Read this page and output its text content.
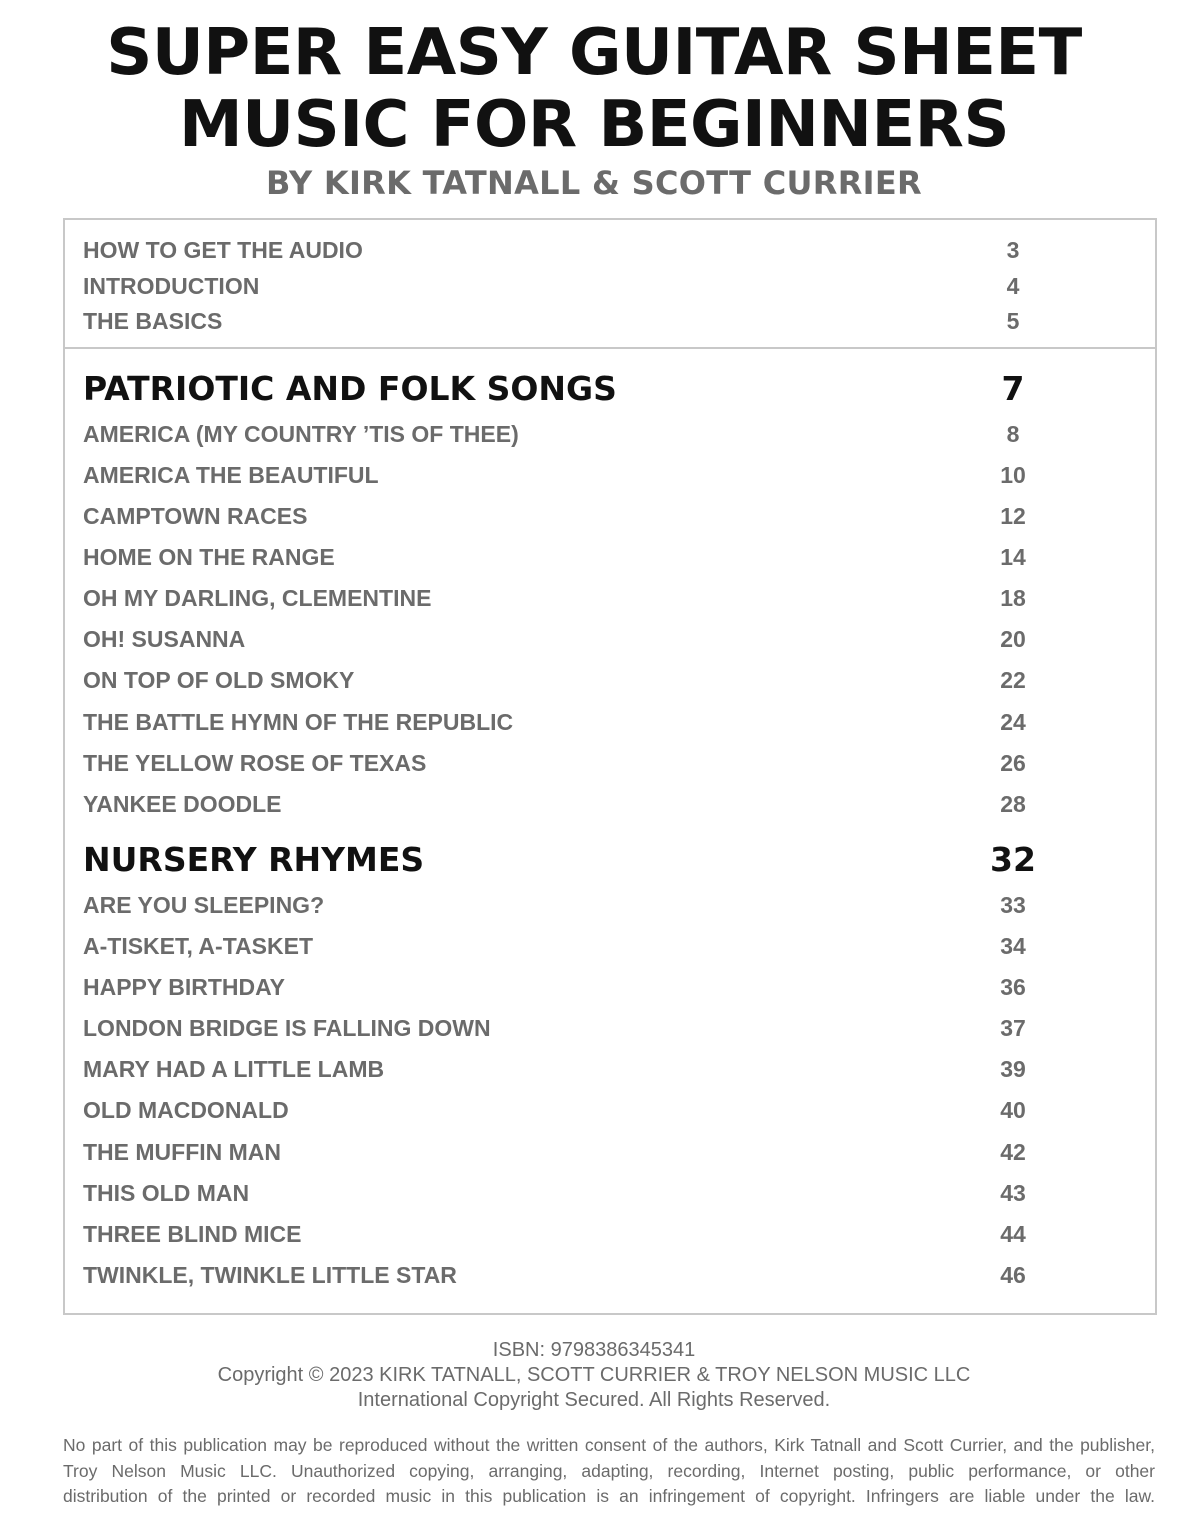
SUPER EASY GUITAR SHEET
MUSIC FOR BEGINNERS
BY KIRK TATNALL & SCOTT CURRIER
HOW TO GET THE AUDIO	3
INTRODUCTION	4
THE BASICS	5
PATRIOTIC AND FOLK SONGS	7
AMERICA (MY COUNTRY ’TIS OF THEE)	8
AMERICA THE BEAUTIFUL	10
CAMPTOWN RACES	12
HOME ON THE RANGE	14
OH MY DARLING, CLEMENTINE	18
OH! SUSANNA	20
ON TOP OF OLD SMOKY	22
THE BATTLE HYMN OF THE REPUBLIC	24
THE YELLOW ROSE OF TEXAS	26
YANKEE DOODLE	28
NURSERY RHYMES	32
ARE YOU SLEEPING?	33
A-TISKET, A-TASKET	34
HAPPY BIRTHDAY	36
LONDON BRIDGE IS FALLING DOWN	37
MARY HAD A LITTLE LAMB	39
OLD MACDONALD	40
THE MUFFIN MAN	42
THIS OLD MAN	43
THREE BLIND MICE	44
TWINKLE, TWINKLE LITTLE STAR	46
ISBN: 9798386345341
Copyright © 2023 KIRK TATNALL, SCOTT CURRIER & TROY NELSON MUSIC LLC
International Copyright Secured. All Rights Reserved.
No part of this publication may be reproduced without the written consent of the authors, Kirk Tatnall and Scott Currier, and the publisher,
Troy Nelson Music LLC. Unauthorized copying, arranging, adapting, recording, Internet posting, public performance, or other
distribution of the printed or recorded music in this publication is an infringement of copyright. Infringers are liable under the law.
